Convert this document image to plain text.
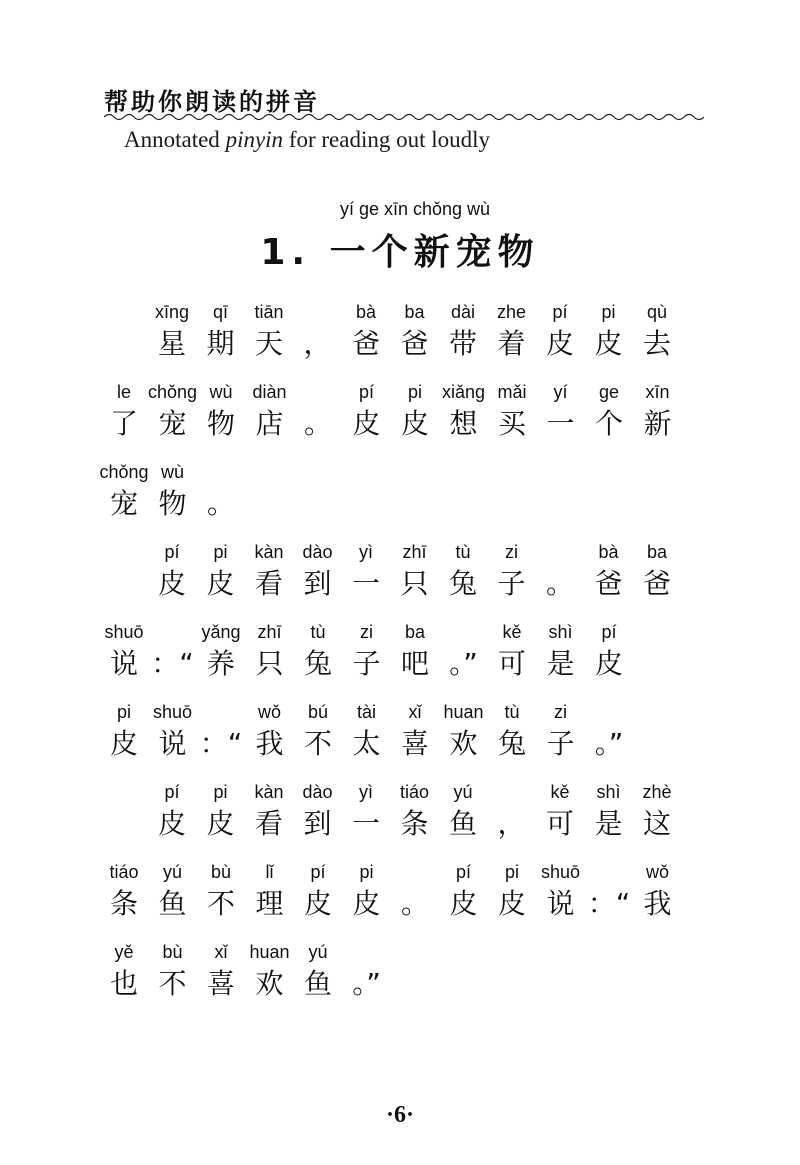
帮助你朗读的拼音
Annotated pinyin for reading out loudly
yí ge xīn chǒng wù
1. 一个新宠物
xīng
星
qī
期
tiān
天 ，
bà
爸
ba
爸
dài
带
zhe
着
pí
皮
pi
皮
qù
去
le
了
chǒng
宠
wù
物
diàn
店 。
pí
皮
pi
皮
xiǎng
想
mǎi
买
yí
一
ge
个
xīn
新
chǒng
宠
wù
物 。
pí
皮
pi
皮
kàn
看
dào
到
yì
一
zhī
只
tù
兔
zi
子 。
bà
爸
ba
爸
shuō
说 ：“
yǎng
养
zhī
只
tù
兔
zi
子
ba
吧 。”
kě
可
shì
是
pí
皮
pi
皮
shuō
说 ：“
wǒ
我
bú
不
tài
太
xǐ
喜
huan
欢
tù
兔
zi
子 。”
pí
皮
pi
皮
kàn
看
dào
到
yì
一
tiáo
条
yú
鱼 ，
kě
可
shì
是
zhè
这
tiáo
条
yú
鱼
bù
不
lǐ
理
pí
皮
pi
皮 。
pí
皮
pi
皮
shuō
说 ：“
wǒ
我
yě
也
bù
不
xǐ
喜
huan
欢
yú
鱼 。”
·6·
